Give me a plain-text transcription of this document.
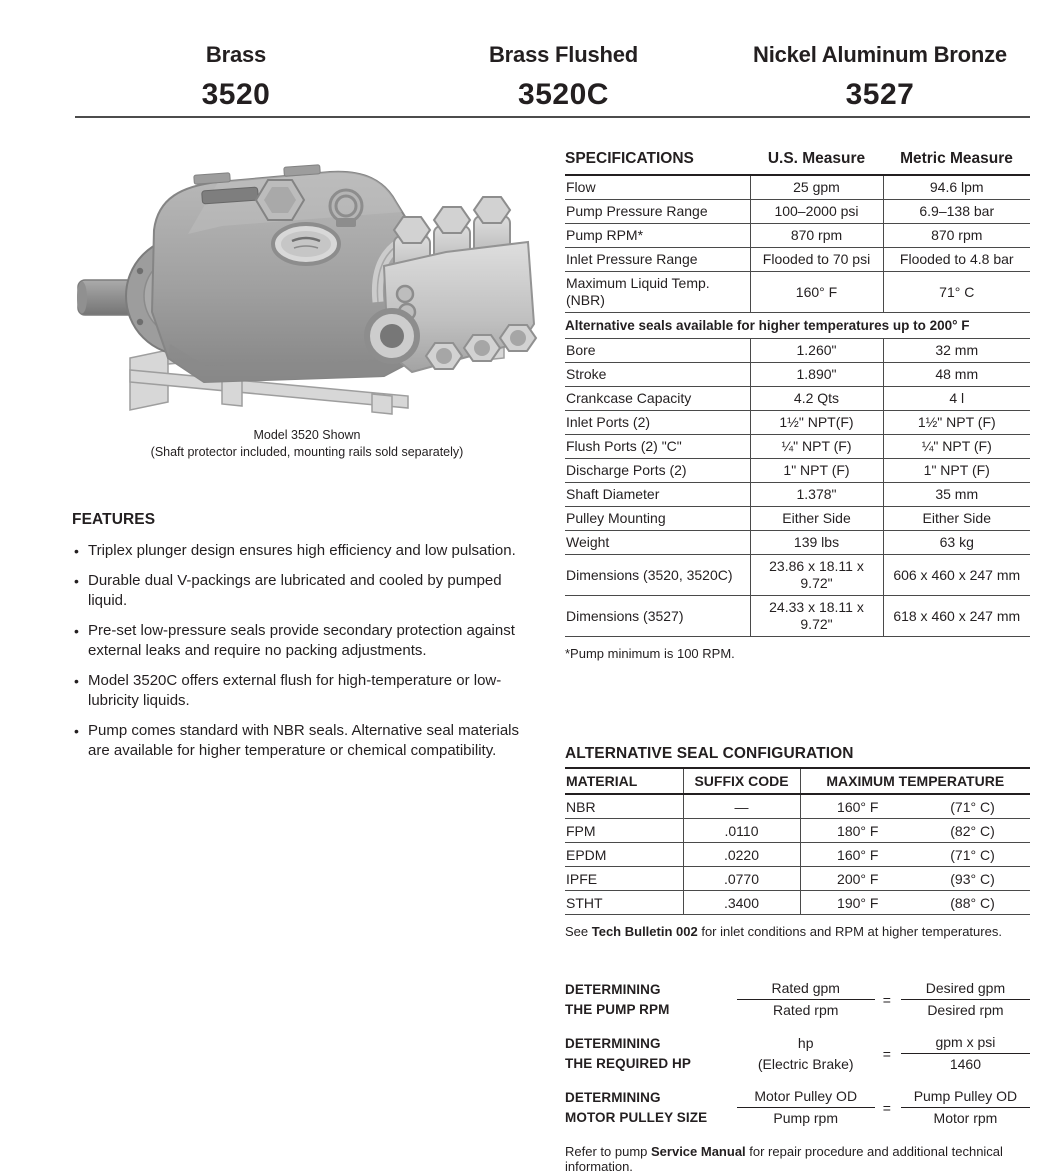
Brass
3520
Brass Flushed
3520C
Nickel Aluminum Bronze
3527
Model 3520 Shown
(Shaft protector included, mounting rails sold separately)
FEATURES
• Triplex plunger design ensures high efficiency and low pulsation.
• Durable dual V-packings are lubricated and cooled by pumped liquid.
• Pre-set low-pressure seals provide secondary protection against external leaks and require no packing adjustments.
• Model 3520C offers external flush for high-temperature or low-lubricity liquids.
• Pump comes standard with NBR seals. Alternative seal materials are available for higher temperature or chemical compatibility.
SPECIFICATIONS	U.S. Measure	Metric Measure
Flow	25 gpm	94.6 lpm
Pump Pressure Range	100–2000 psi	6.9–138 bar
Pump RPM*	870 rpm	870 rpm
Inlet Pressure Range	Flooded to 70 psi	Flooded to 4.8 bar
Maximum Liquid Temp. (NBR)	160° F	71° C
Alternative seals available for higher temperatures up to 200° F		
Bore	1.260"	32 mm
Stroke	1.890"	48 mm
Crankcase Capacity	4.2 Qts	4 l
Inlet Ports (2)	1½" NPT(F)	1½" NPT (F)
Flush Ports (2) "C"	¼" NPT (F)	¼" NPT (F)
Discharge Ports (2)	1" NPT (F)	1" NPT (F)
Shaft Diameter	1.378"	35 mm
Pulley Mounting	Either Side	Either Side
Weight	139 lbs	63 kg
Dimensions (3520, 3520C)	23.86 x 18.11 x 9.72"	606 x 460 x 247 mm
Dimensions (3527)	24.33 x 18.11 x 9.72"	618 x 460 x 247 mm
*Pump minimum is 100 RPM.
ALTERNATIVE SEAL CONFIGURATION
MATERIAL	SUFFIX CODE	MAXIMUM TEMPERATURE	
NBR	—	160° F	(71° C)
FPM	.0110	180° F	(82° C)
EPDM	.0220	160° F	(71° C)
IPFE	.0770	200° F	(93° C)
STHT	.3400	190° F	(88° C)
See Tech Bulletin 002 for inlet conditions and RPM at higher temperatures.
DETERMINING
THE PUMP RPM	$\frac{\text{Rated gpm}}{\text{Rated rpm}} = \frac{\text{Desired gpm}}{\text{Desired rpm}}$
DETERMINING
THE REQUIRED HP
hp
(Electric Brake)
= $\frac{\text{gpm x psi}}{1460}$
DETERMINING
MOTOR PULLEY SIZE	$\frac{\text{Motor Pulley OD}}{\text{Pump rpm}} = \frac{\text{Pump Pulley OD}}{\text{Motor rpm}}$
Refer to pump Service Manual for repair procedure and additional technical information.
